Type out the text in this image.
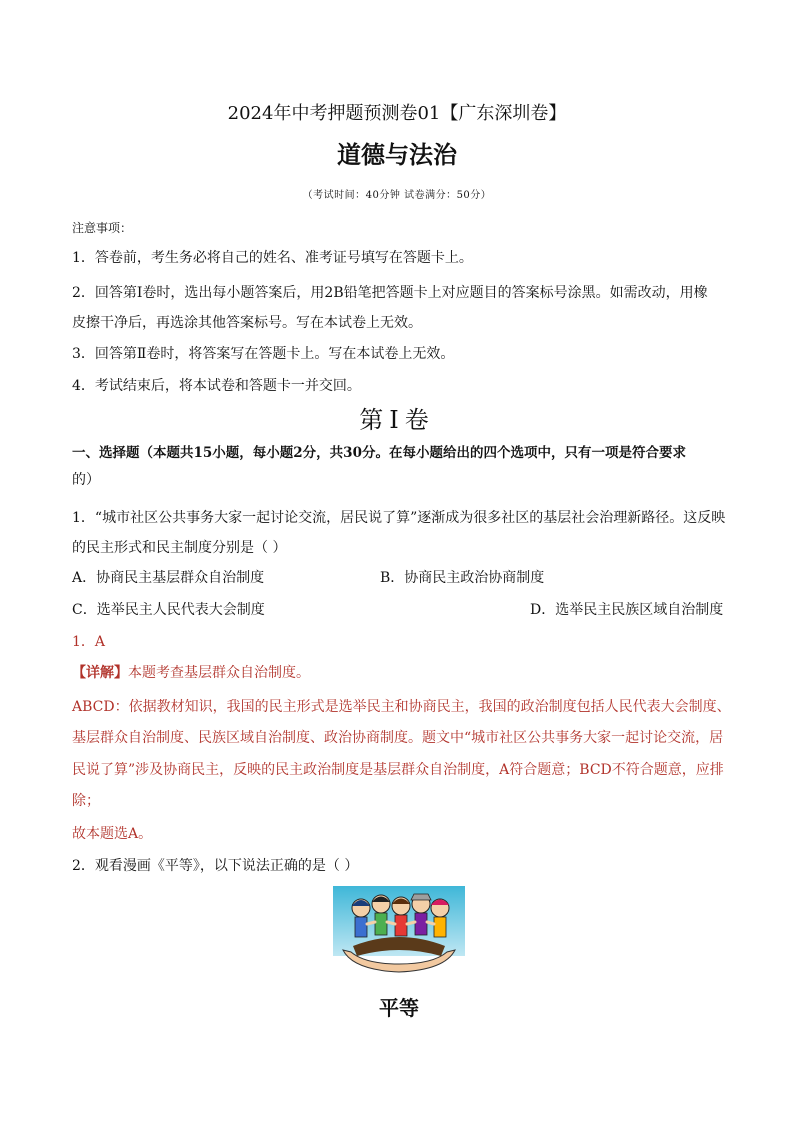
2024年中考押题预测卷01【广东深圳卷】
道德与法治
（考试时间：40分钟 试卷满分：50分）
注意事项：
1．答卷前，考生务必将自己的姓名、准考证号填写在答题卡上。
2．回答第Ⅰ卷时，选出每小题答案后，用2B铅笔把答题卡上对应题目的答案标号涂黑。如需改动，用橡
皮擦干净后，再选涂其他答案标号。写在本试卷上无效。
3．回答第Ⅱ卷时，将答案写在答题卡上。写在本试卷上无效。
4．考试结束后，将本试卷和答题卡一并交回。
第Ⅰ卷
一、选择题（本题共15小题，每小题2分，共30分。在每小题给出的四个选项中，只有一项是符合要求
的）
1．“城市社区公共事务大家一起讨论交流，居民说了算”逐渐成为很多社区的基层社会治理新路径。这反映
的民主形式和民主制度分别是（ ）
A．协商民主基层群众自治制度	B．协商民主政治协商制度
C．选举民主人民代表大会制度	D．选举民主民族区域自治制度
1．A
【详解】本题考查基层群众自治制度。
ABCD：依据教材知识，我国的民主形式是选举民主和协商民主，我国的政治制度包括人民代表大会制度、
基层群众自治制度、民族区域自治制度、政治协商制度。题文中“城市社区公共事务大家一起讨论交流，居
民说了算”涉及协商民主，反映的民主政治制度是基层群众自治制度，A符合题意；BCD不符合题意，应排
除；
故本题选A。
2．观看漫画《平等》，以下说法正确的是（ ）
平等
